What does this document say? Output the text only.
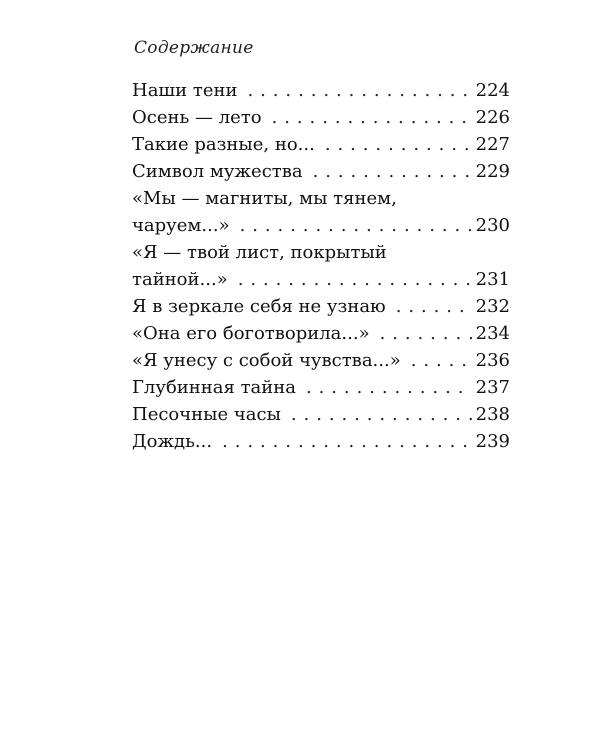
Содержание
Наши тени . . .	224
Осень — лето . . .	226
Такие разные, но... . . .	227
Символ мужества . . .	229
«Мы — магниты, мы тянем,
чаруем...» . . .	230
«Я — твой лист, покрытый
тайной...» . . .	231
Я в зеркале себя не узнаю . . .	232
«Она его боготворила...» . . .	234
«Я унесу с собой чувства...» . . .	236
Глубинная тайна . . .	237
Песочные часы . . .	238
Дождь... . . .	239
